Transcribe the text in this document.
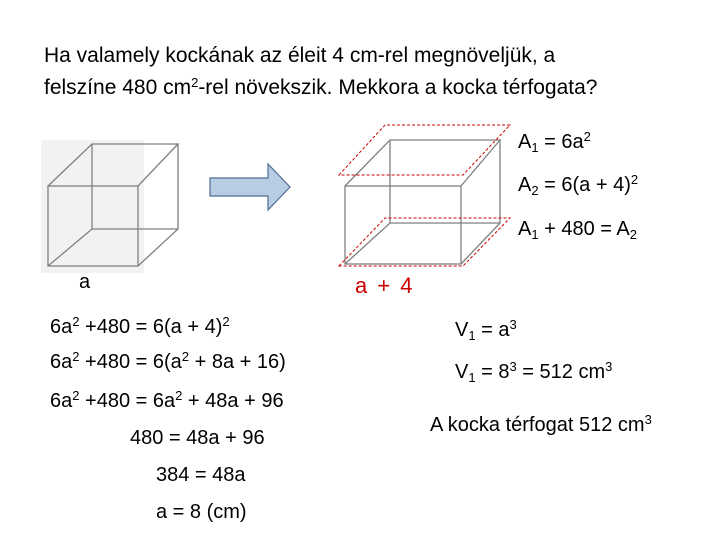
Ha valamely kockának az éleit 4 cm-rel megnöveljük, a
felszíne 480 $cm^2$-rel növekszik. Mekkora a kocka térfogata?
a	a + 4
$A_1 = 6a^2$
$A_2 = 6(a + 4)^2$
$A_1 + 480 = A_2$
$6a^2 +480 = 6(a + 4)^2$
$6a^2 +480 = 6(a^2 + 8a + 16)$
$6a^2 +480 = 6a^2 + 48a + 96$
480 = 48a + 96
384 = 48a
a = 8 (cm)
$V_1 = a^3$
$V_1 = 8^3 = 512$ $cm^3$
A kocka térfogat 512 $cm^3$
